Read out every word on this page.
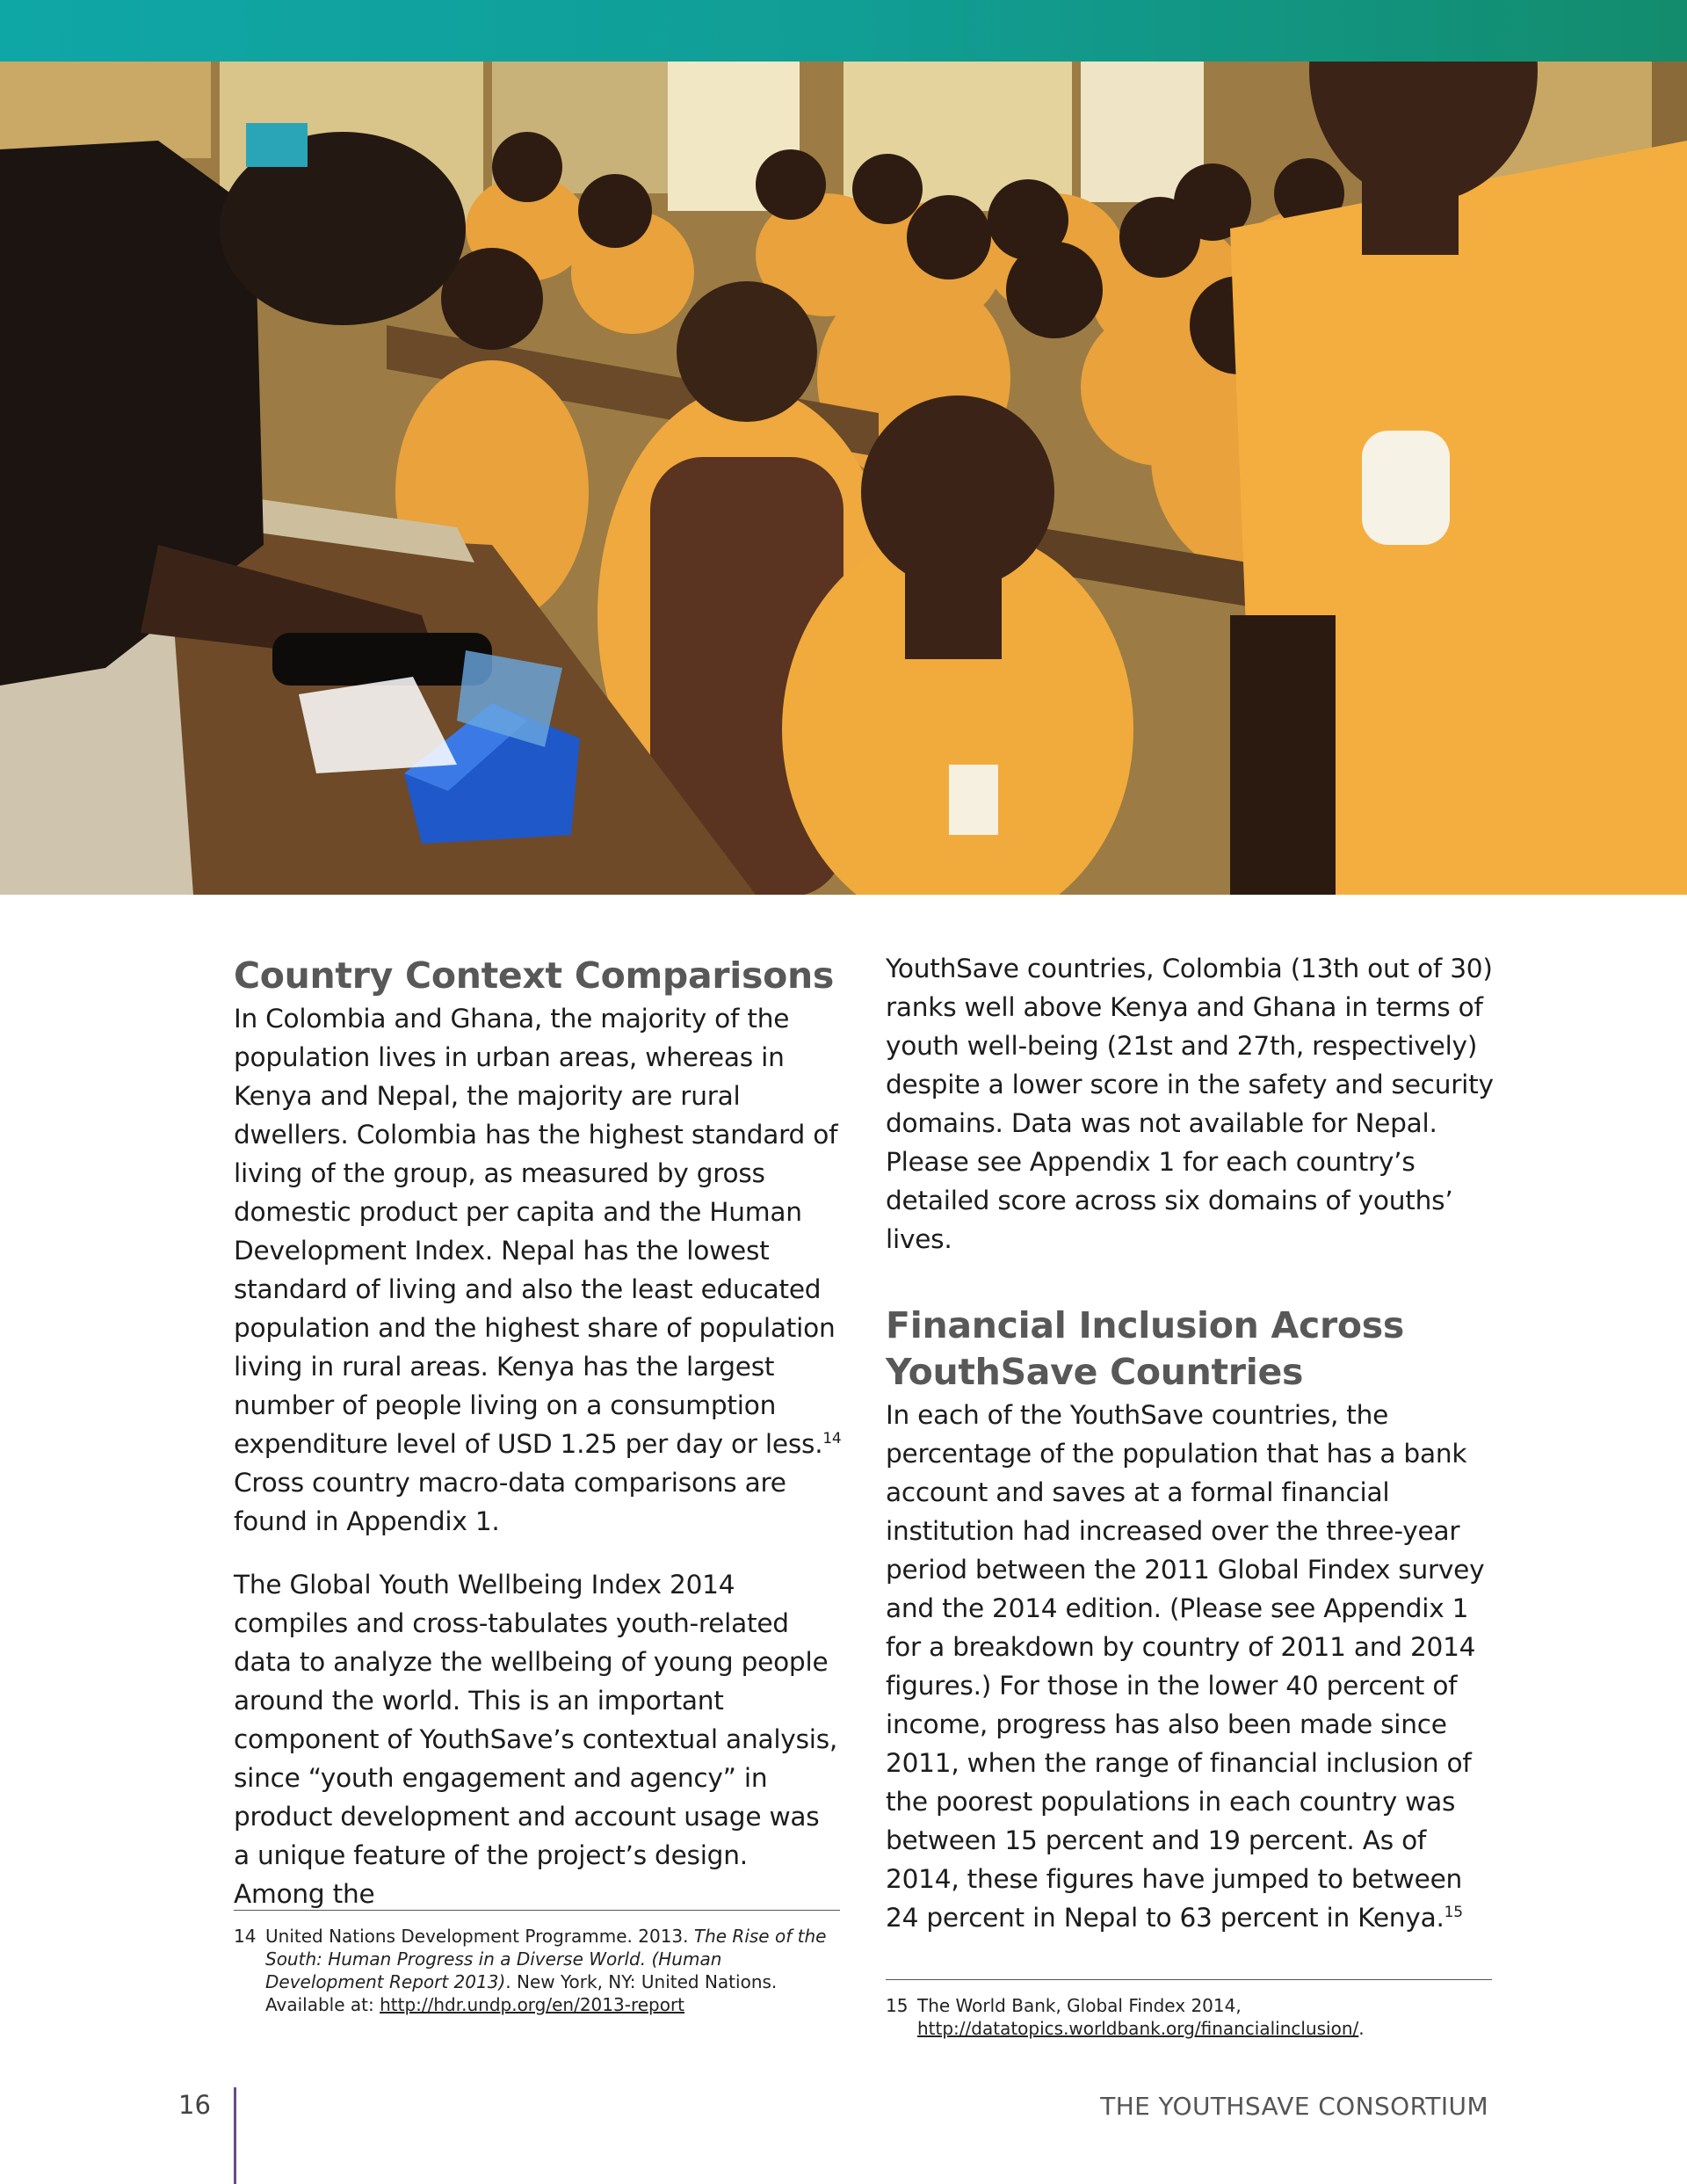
Country Context Comparisons

In Colombia and Ghana, the majority of the population lives in urban areas, whereas in Kenya and Nepal, the majority are rural dwellers. Colombia has the highest standard of living of the group, as measured by gross domestic product per capita and the Human Development Index. Nepal has the lowest standard of living and also the least educated population and the highest share of population living in rural areas. Kenya has the largest number of people living on a consumption expenditure level of USD 1.25 per day or less.$^{14}$ Cross country macro-data comparisons are found in Appendix 1.

The Global Youth Wellbeing Index 2014 compiles and cross-tabulates youth-related data to analyze the wellbeing of young people around the world. This is an important component of YouthSave’s contextual analysis, since “youth engagement and agency” in product development and account usage was a unique feature of the project’s design. Among the

14 United Nations Development Programme. 2013. The Rise of the South: Human Progress in a Diverse World. (Human Development Report 2013). New York, NY: United Nations. Available at: http://hdr.undp.org/en/2013-report

YouthSave countries, Colombia (13th out of 30) ranks well above Kenya and Ghana in terms of youth well-being (21st and 27th, respectively) despite a lower score in the safety and security domains. Data was not available for Nepal. Please see Appendix 1 for each country’s detailed score across six domains of youths’ lives.

Financial Inclusion Across YouthSave Countries

In each of the YouthSave countries, the percentage of the population that has a bank account and saves at a formal financial institution had increased over the three-year period between the 2011 Global Findex survey and the 2014 edition. (Please see Appendix 1 for a breakdown by country of 2011 and 2014 figures.) For those in the lower 40 percent of income, progress has also been made since 2011, when the range of financial inclusion of the poorest populations in each country was between 15 percent and 19 percent. As of 2014, these figures have jumped to between 24 percent in Nepal to 63 percent in Kenya.$^{15}$

15 The World Bank, Global Findex 2014, http://datatopics.worldbank.org/financialinclusion/.
16	THE YOUTHSAVE CONSORTIUM
